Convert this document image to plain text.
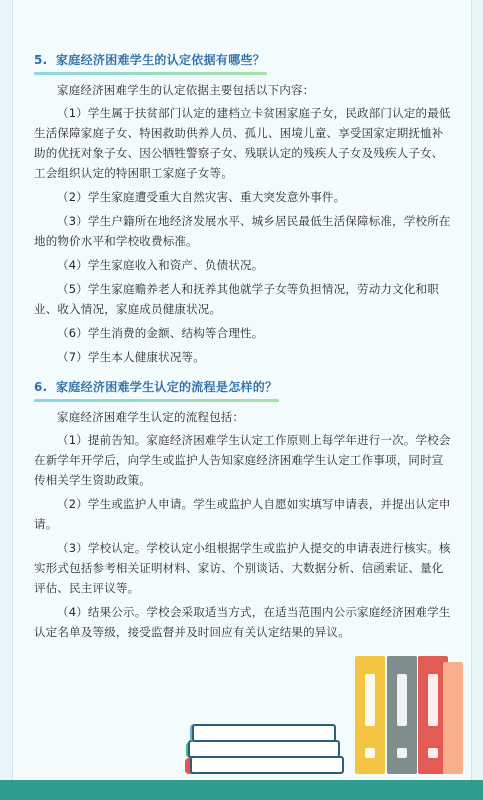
5. 家庭经济困难学生的认定依据有哪些？

家庭经济困难学生的认定依据主要包括以下内容：

（1）学生属于扶贫部门认定的建档立卡贫困家庭子女，民政部门认定的最低生活保障家庭子女、特困救助供养人员、孤儿、困境儿童、享受国家定期抚恤补助的优抚对象子女、因公牺牲警察子女、残联认定的残疾人子女及残疾人子女、工会组织认定的特困职工家庭子女等。

（2）学生家庭遭受重大自然灾害、重大突发意外事件。

（3）学生户籍所在地经济发展水平、城乡居民最低生活保障标准，学校所在地的物价水平和学校收费标准。

（4）学生家庭收入和资产、负债状况。

（5）学生家庭赡养老人和抚养其他就学子女等负担情况，劳动力文化和职业、收入情况，家庭成员健康状况。

（6）学生消费的金额、结构等合理性。

（7）学生本人健康状况等。

6. 家庭经济困难学生认定的流程是怎样的？

家庭经济困难学生认定的流程包括：

（1）提前告知。家庭经济困难学生认定工作原则上每学年进行一次。学校会在新学年开学后，向学生或监护人告知家庭经济困难学生认定工作事项，同时宣传相关学生资助政策。

（2）学生或监护人申请。学生或监护人自愿如实填写申请表，并提出认定申请。

（3）学校认定。学校认定小组根据学生或监护人提交的申请表进行核实。核实形式包括参考相关证明材料、家访、个别谈话、大数据分析、信函索证、量化评估、民主评议等。

（4）结果公示。学校会采取适当方式，在适当范围内公示家庭经济困难学生认定名单及等级，接受监督并及时回应有关认定结果的异议。
